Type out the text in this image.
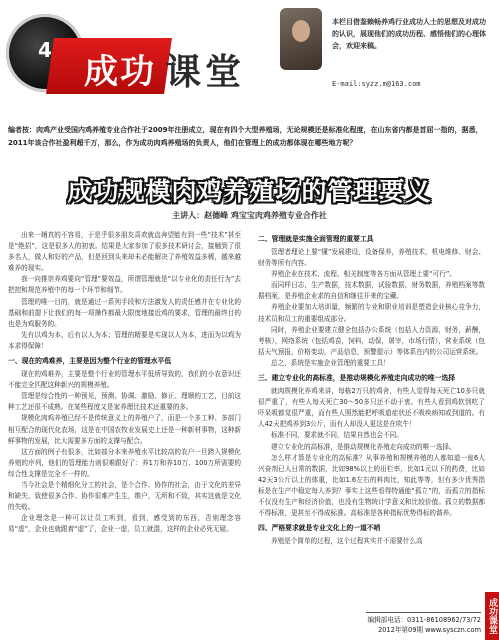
4
成功 课堂
本栏目借鉴赖畅养鸡行业成功人士的思想及对成功的认识，展现他们的成功历程、感悟他们的心理体会，欢迎来稿。
E-mail:syzz.m@163.com
编者按：肉鸡产业受国内鸡养殖专业合作社于2009年注册成立，现在有四个大型养殖场，无论规模还是标准化程度，在山东省内都是首屈一指的，据悉，2011年该合作社盈利超千万，那么，作为成功肉鸡养殖场的负责人，他们在管理上的成功都体现在哪些地方呢？
成功规模肉鸡养殖场的管理要义
主讲人：赵德峰 鸡宝宝肉鸡养殖专业合作社

出来一趟真的不容易，于是乎很多朋友喜欢就直奔望能有到一些“技术”甚至是“绝招”，这是很多人的初衷。结果是大家参加了很多技术研讨会，接触到了很多名人，做人和好的产品，但是回到头来却未必能解决了养殖效益多稀，越来越难养的现实。

我一向推崇养鸡要向“管理”要效益，所谓管理就是“以专业化的责任行为”去把控和规范养殖中的每一个环节和细节。

管理的唯一目的，就是通过一系列手段和方法激发人的责任感并在专业化的基础和前提下让我们的每一项操作都最大限度地接近鸡的要求，管理的最终目的也是为鸡服务的。

先有以鸡为本，后有以人为本；管理的精要是实现以人为本，进而为以鸡为本求得保障！

一、现在的鸡难养，主要是因为整个行业的管理水平低

现在的鸡难养，主要是整个行业的管理水平低所导致的，我们的小农意识还不能完全匹配这种新兴的规模养殖。

管理是综合性的一种预见，预测、协调、激励、修正、理顺的工艺，目前这种工艺还很不成熟。在某些程度又是家养理比技术还重要的多。

规模化肉鸡养殖已经不是传统意义上的养殖户了，而是一个多工种、多部门相互配合的现代化农场，这是在中国农牧业发展史上还是一种新材事物，这种新鲜事物的发展，比大需要多方面的支撑与配合。

这方面的例子有很多，比如部分本来养殖水平比较高的农户一旦跨入规模化养殖的序列，他们的管理能力则很难跟好了：养1万和养10万、100万所需要的综合性支撑是完全不一样的。

当今社会是个精细化分工的社会，是个合作、协作的社会，由于文化的差异和缺失，致使很多合作、协作很难产生生，维户，无所和不致，其实这就是文化的失败。

企业理念是一种可以让员工听到，看到，感受到的东西，否则理念容易“虚”，企业也就跟着“虚”了，企业一虚，员工就混，这样的企业必死无疑。

二、管理就是实施全面管理的重要工具

管理者理论上要“懂”发展建设，设备保养，养殖技术，机电维修、财会、财务等所有内容。

养殖企业在技术、流程、相关制度等各方面从管理上要“可行”。

而同样日志，生产数据，技术数据，试验数据，财务数据，养殖档案等数据档案，是养殖企业求的自信和继往开来的宝藏。

养殖企业要加大培训量，频繁的专业和职业培训是塑造企业核心竞争力，技术员和员工的重要组成部分。

同时，养殖企业要建立健全包括办公系统（包括人力资源，财务，薪酬，考核），网络系统（包括鸡苗，饲料，动保，屠宰，市场行情），营业系统（包括天气预报，价格变动，产品信息，预警提示）等体系在内的公司运营系统。

总之，系统是实施企业管理的重要工具！

三、建立专业化的高标准，是推动规模化养殖走向成功的唯一选择

就肉规模化养鸡来讲，每栋2万只的鸡舍，有些人觉得每天死亡10多只就很严重了，有些人每天死亡30～50多只还不动于衷。有些人看到鸡软到吃了吓呆吸都觉很严重，而有些人照然能把呼吸道症状还不吸疾病知或到道的。有人42天把鸡养到3公斤，而有人却没人更这是在吹牛！

标准不同，要求就不同，结果自然也会不同。

建立专业化的高标准，是推动规模化养殖走向成功的唯一选择。

怎么样才算是专业化的高标准？从事养殖和规模养殖的人都知道一座6人兴奋剂已人日常的数据，比如98%以上的出栏率，比如1元以下的药费，比如42天3公斤以上的体重，比如1.6左右的料肉比，知此等等，但有多少优秀指标是在生产中稳定每人养到？事实上这些看得特通能“孤立”的，而孤立的指标不仅没有生产和经济价值，也没有生物统计学意义和比较价值。孤立的数据都不得标准，更甚至不得成标准。高标准是各种指标优势得标的谐养。

四、严格要求就是专业文化上的一道不哨

养殖是个简单的过程，这个过程其实并不需要什么高

成功课堂
编辑部电话：0311-86108962/73/72
2012年第09期 www.sysczn.com
